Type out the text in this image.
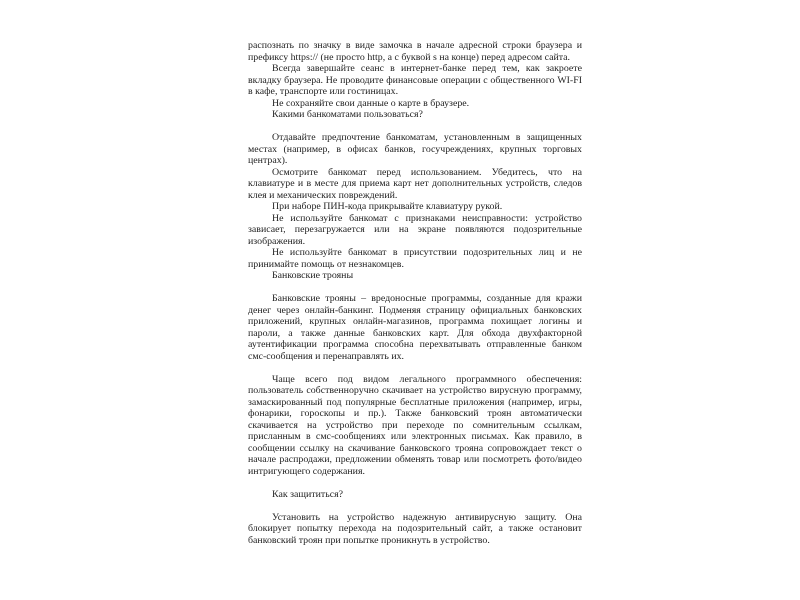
распознать по значку в виде замочка в начале адресной строки браузера и
префиксу https:// (не просто http, а с буквой s на конце) перед адресом сайта.
Всегда завершайте сеанс в интернет-банке перед тем, как закроете
вкладку браузера. Не проводите финансовые операции с общественного WI-FI
в кафе, транспорте или гостиницах.
Не сохраняйте свои данные о карте в браузере.
Какими банкоматами пользоваться?
Отдавайте предпочтение банкоматам, установленным в защищенных
местах (например, в офисах банков, госучреждениях, крупных торговых
центрах).
Осмотрите банкомат перед использованием. Убедитесь, что на
клавиатуре и в месте для приема карт нет дополнительных устройств, следов
клея и механических повреждений.
При наборе ПИН-кода прикрывайте клавиатуру рукой.
Не используйте банкомат с признаками неисправности: устройство
зависает, перезагружается или на экране появляются подозрительные
изображения.
Не используйте банкомат в присутствии подозрительных лиц и не
принимайте помощь от незнакомцев.
Банковские трояны
Банковские трояны – вредоносные программы, созданные для кражи
денег через онлайн-банкинг. Подменяя страницу официальных банковских
приложений, крупных онлайн-магазинов, программа похищает логины и
пароли, а также данные банковских карт. Для обхода двухфакторной
аутентификации программа способна перехватывать отправленные банком
смс-сообщения и перенаправлять их.
Чаще всего под видом легального программного обеспечения:
пользователь собственноручно скачивает на устройство вирусную программу,
замаскированный под популярные бесплатные приложения (например, игры,
фонарики, гороскопы и пр.). Также банковский троян автоматически
скачивается на устройство при переходе по сомнительным ссылкам,
присланным в смс-сообщениях или электронных письмах. Как правило, в
сообщении ссылку на скачивание банковского трояна сопровождает текст о
начале распродажи, предложении обменять товар или посмотреть фото/видео
интригующего содержания.
Как защититься?
Установить на устройство надежную антивирусную защиту. Она
блокирует попытку перехода на подозрительный сайт, а также остановит
банковский троян при попытке проникнуть в устройство.
